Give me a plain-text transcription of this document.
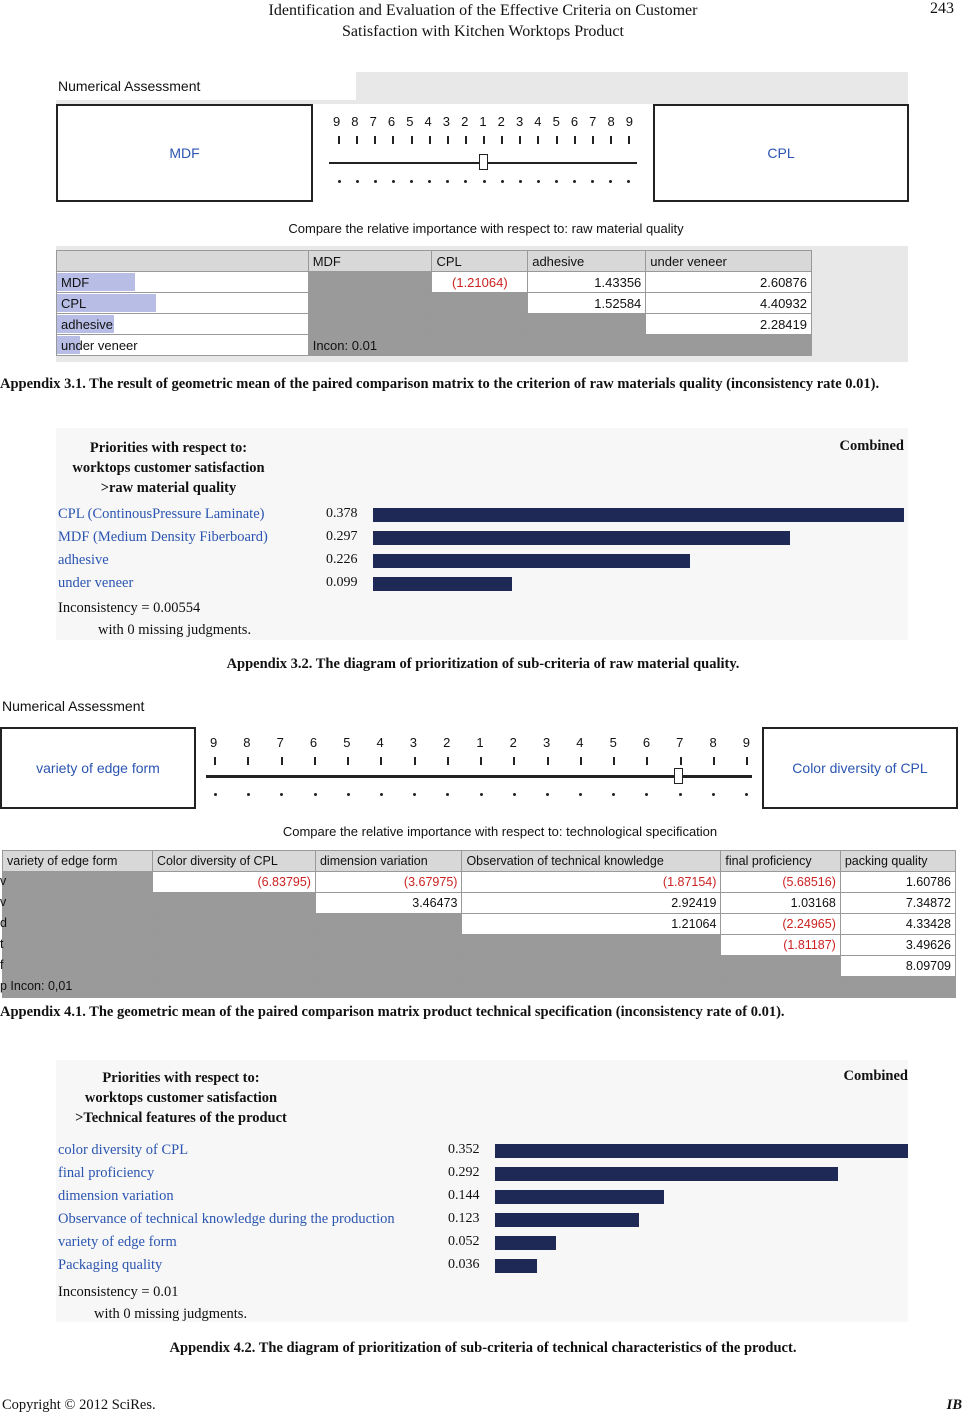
Identification and Evaluation of the Effective Criteria on Customer
Satisfaction with Kitchen Worktops Product
243
Numerical Assessment
MDF	CPL
9 8 7 6 5 4 3 2 1 2 3 4 5 6 7 8 9
Compare the relative importance with respect to: raw material quality
	MDF	CPL	adhesive	under veneer

MDF		(1.21064)	1.43356	2.60876

CPL			1.52584	4.40932

adhesive				2.28419

under veneer	Incon: 0.01			
Appendix 3.1. The result of geometric mean of the paired comparison matrix to the criterion of raw materials quality (inconsistency rate 0.01).
Priorities with respect to:
worktops customer satisfaction
>raw material quality
Combined
CPL (ContinousPressure Laminate)	0.378
MDF (Medium Density Fiberboard)	0.297
adhesive	0.226
under veneer	0.099
Inconsistency = 0.00554
with 0 missing judgments.
Appendix 3.2. The diagram of prioritization of sub-criteria of raw material quality.
Numerical Assessment
variety of edge form	Color diversity of CPL
9 8 7 6 5 4 3 2 1 2 3 4 5 6 7 8 9
Compare the relative importance with respect to: technological specification
variety of edge form	Color diversity of CPL	dimension variation	Observation of technical knowledge	final proficiency	packing quality

v	(6.83795)	(3.67975)	(1.87154)	(5.68516)	1.60786

v		3.46473	2.92419	1.03168	7.34872

d			1.21064	(2.24965)	4.33428

t				(1.81187)	3.49626

f					8.09709

p Incon: 0,01					

Appendix 4.1. The geometric mean of the paired comparison matrix product technical specification (inconsistency rate of 0.01).
Priorities with respect to:
worktops customer satisfaction
>Technical features of the product
Combined
color diversity of CPL	0.352
final proficiency	0.292
dimension variation	0.144
Observance of technical knowledge during the production	0.123
variety of edge form	0.052
Packaging quality	0.036
Inconsistency = 0.01
with 0 missing judgments.
Appendix 4.2. The diagram of prioritization of sub-criteria of technical characteristics of the product.
Copyright © 2012 SciRes.	IB
